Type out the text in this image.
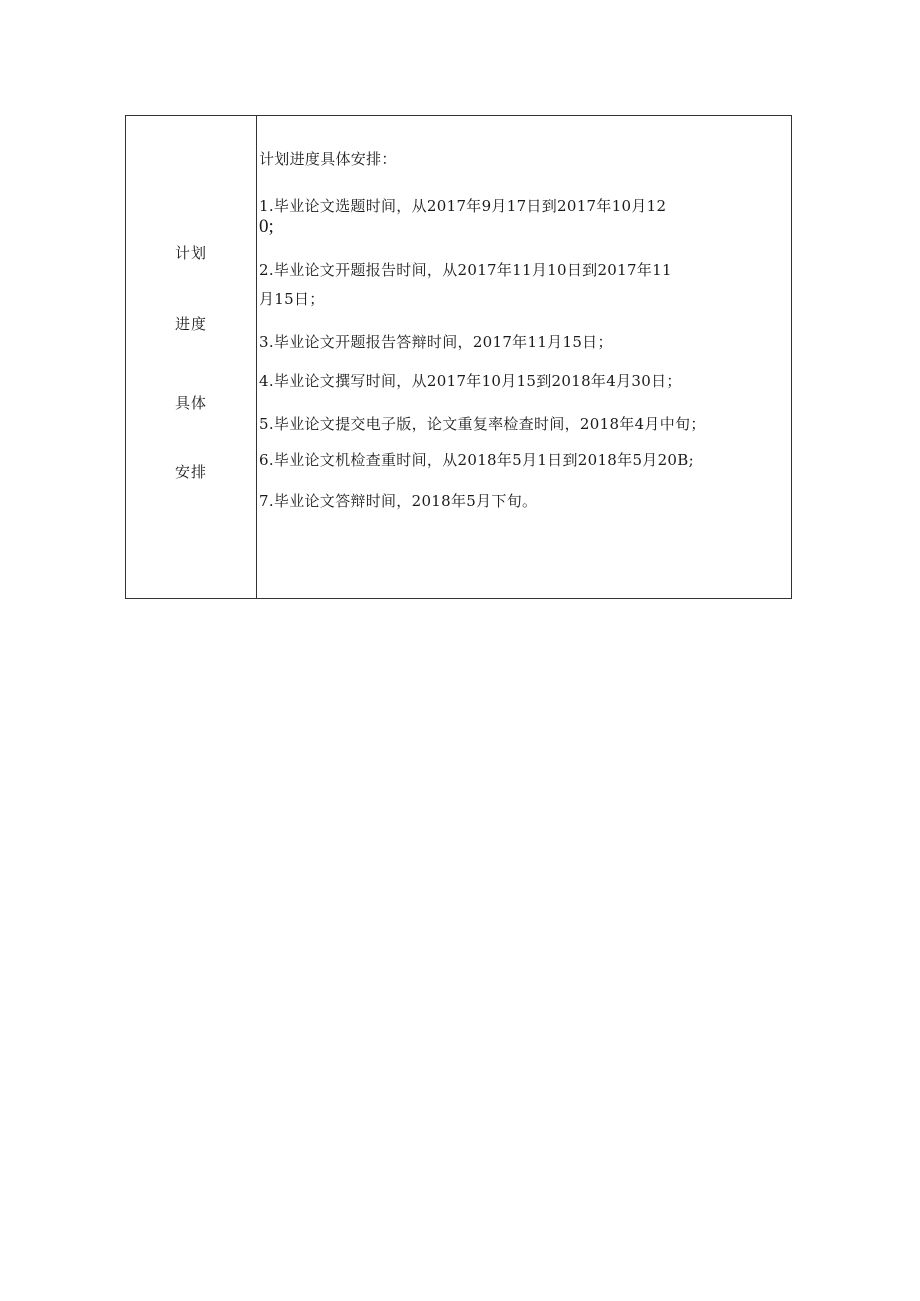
计划
进度
具体
安排
计划进度具体安排：
1.毕业论文选题时间，从2017年9月17日到2017年10月12
0;
2.毕业论文开题报告时间，从2017年11月10日到2017年11
月15日；
3.毕业论文开题报告答辩时间，2017年11月15日；
4.毕业论文撰写时间，从2017年10月15到2018年4月30日；
5.毕业论文提交电子版，论文重复率检查时间，2018年4月中旬；
6.毕业论文机检查重时间，从2018年5月1日到2018年5月20B;
7.毕业论文答辩时间，2018年5月下旬。
